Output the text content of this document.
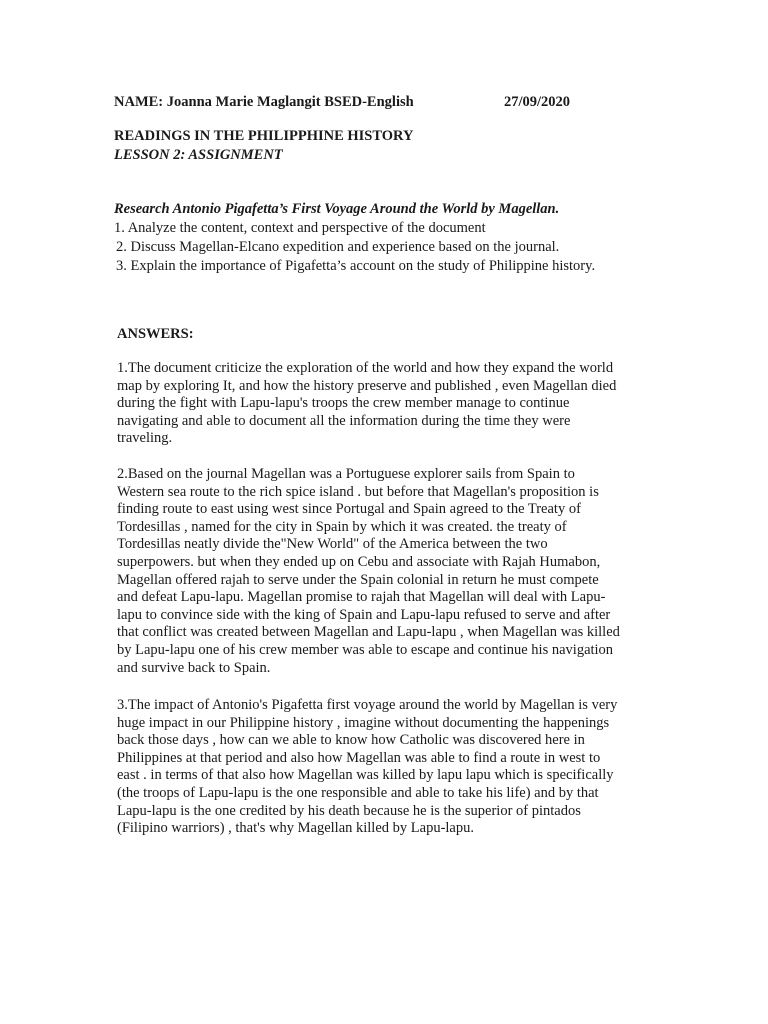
NAME: Joanna Marie Maglangit BSED-English	27/09/2020
READINGS IN THE PHILIPPHINE HISTORY
LESSON 2: ASSIGNMENT
Research Antonio Pigafetta’s First Voyage Around the World by Magellan.
1. Analyze the content, context and perspective of the document
2. Discuss Magellan-Elcano expedition and experience based on the journal.
3. Explain the importance of Pigafetta’s account on the study of Philippine history.
ANSWERS:

1.The document criticize the exploration of the world and how they expand the world
map by exploring It, and how the history preserve and published , even Magellan died
during the fight with Lapu-lapu's troops the crew member manage to continue
navigating and able to document all the information during the time they were
traveling.

2.Based on the journal Magellan was a Portuguese explorer sails from Spain to
Western sea route to the rich spice island . but before that Magellan's proposition is
finding route to east using west since Portugal and Spain agreed to the Treaty of
Tordesillas , named for the city in Spain by which it was created. the treaty of
Tordesillas neatly divide the"New World" of the America between the two
superpowers. but when they ended up on Cebu and associate with Rajah Humabon,
Magellan offered rajah to serve under the Spain colonial in return he must compete
and defeat Lapu-lapu. Magellan promise to rajah that Magellan will deal with Lapu-
lapu to convince side with the king of Spain and Lapu-lapu refused to serve and after
that conflict was created between Magellan and Lapu-lapu , when Magellan was killed
by Lapu-lapu one of his crew member was able to escape and continue his navigation
and survive back to Spain.

3.The impact of Antonio's Pigafetta first voyage around the world by Magellan is very
huge impact in our Philippine history , imagine without documenting the happenings
back those days , how can we able to know how Catholic was discovered here in
Philippines at that period and also how Magellan was able to find a route in west to
east . in terms of that also how Magellan was killed by lapu lapu which is specifically
(the troops of Lapu-lapu is the one responsible and able to take his life) and by that
Lapu-lapu is the one credited by his death because he is the superior of pintados
(Filipino warriors) , that's why Magellan killed by Lapu-lapu.
